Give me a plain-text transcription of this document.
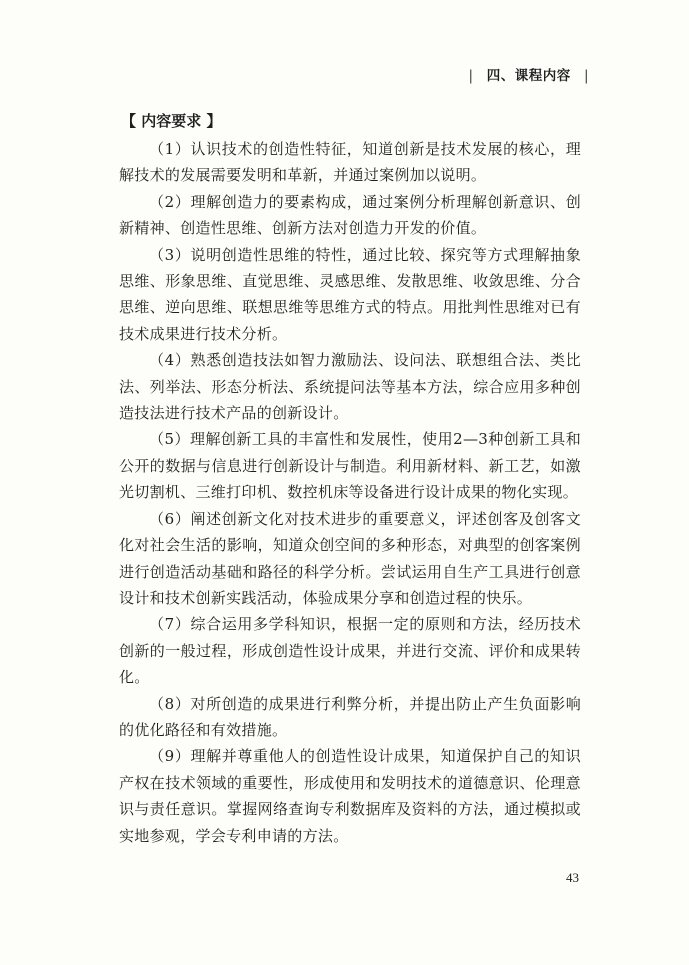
| 四、课程内容 |
【 内容要求 】

（1）认识技术的创造性特征，知道创新是技术发展的核心，理解技术的发展需要发明和革新，并通过案例加以说明。

（2）理解创造力的要素构成，通过案例分析理解创新意识、创新精神、创造性思维、创新方法对创造力开发的价值。

（3）说明创造性思维的特性，通过比较、探究等方式理解抽象思维、形象思维、直觉思维、灵感思维、发散思维、收敛思维、分合思维、逆向思维、联想思维等思维方式的特点。用批判性思维对已有技术成果进行技术分析。

（4）熟悉创造技法如智力激励法、设问法、联想组合法、类比法、列举法、形态分析法、系统提问法等基本方法，综合应用多种创造技法进行技术产品的创新设计。

（5）理解创新工具的丰富性和发展性，使用2—3种创新工具和公开的数据与信息进行创新设计与制造。利用新材料、新工艺，如激光切割机、三维打印机、数控机床等设备进行设计成果的物化实现。

（6）阐述创新文化对技术进步的重要意义，评述创客及创客文化对社会生活的影响，知道众创空间的多种形态，对典型的创客案例进行创造活动基础和路径的科学分析。尝试运用自生产工具进行创意设计和技术创新实践活动，体验成果分享和创造过程的快乐。

（7）综合运用多学科知识，根据一定的原则和方法，经历技术创新的一般过程，形成创造性设计成果，并进行交流、评价和成果转化。

（8）对所创造的成果进行利弊分析，并提出防止产生负面影响的优化路径和有效措施。

（9）理解并尊重他人的创造性设计成果，知道保护自己的知识产权在技术领域的重要性，形成使用和发明技术的道德意识、伦理意识与责任意识。掌握网络查询专利数据库及资料的方法，通过模拟或实地参观，学会专利申请的方法。

43
